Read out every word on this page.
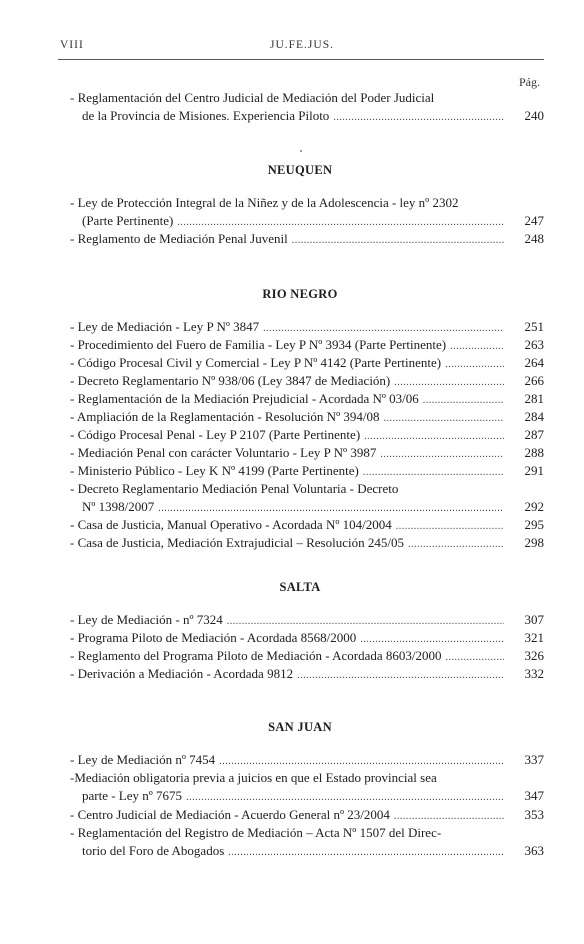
VIII	JU.FE.JUS.
Pág.
- Reglamentación del Centro Judicial de Mediación del Poder Judicial
de la Provincia de Misiones. Experiencia Piloto .....	240
NEUQUEN
- Ley de Protección Integral de la Niñez y de la Adolescencia - ley nº 2302
(Parte Pertinente) .....	247
- Reglamento de Mediación Penal Juvenil .....	248
RIO NEGRO
- Ley de Mediación - Ley P Nº 3847 .....	251
- Procedimiento del Fuero de Familia - Ley P Nº 3934 (Parte Pertinente) .....	263
- Código Procesal Civil y Comercial - Ley P Nº 4142 (Parte Pertinente) .....	264
- Decreto Reglamentario Nº 938/06 (Ley 3847 de Mediación) .....	266
- Reglamentación de la Mediación Prejudicial - Acordada Nº 03/06 .....	281
- Ampliación de la Reglamentación - Resolución Nº 394/08 .....	284
- Código Procesal Penal - Ley P 2107 (Parte Pertinente) .....	287
- Mediación Penal con carácter Voluntario - Ley P Nº 3987 .....	288
- Ministerio Público - Ley K Nº 4199 (Parte Pertinente) .....	291
- Decreto Reglamentario Mediación Penal Voluntaria - Decreto
Nº 1398/2007 .....	292
- Casa de Justicia, Manual Operativo - Acordada Nº 104/2004 .....	295
- Casa de Justicia, Mediación Extrajudicial – Resolución 245/05 .....	298
SALTA
- Ley de Mediación - nº 7324 .....	307
- Programa Piloto de Mediación - Acordada 8568/2000 .....	321
- Reglamento del Programa Piloto de Mediación - Acordada 8603/2000 .....	326
- Derivación a Mediación - Acordada 9812 .....	332
SAN JUAN
- Ley de Mediación nº 7454 .....	337
-Mediación obligatoria previa a juicios en que el Estado provincial sea
parte - Ley nº 7675 .....	347
- Centro Judicial de Mediación - Acuerdo General nº 23/2004 .....	353
- Reglamentación del Registro de Mediación – Acta Nº 1507 del Direc-
torio del Foro de Abogados .....	363
